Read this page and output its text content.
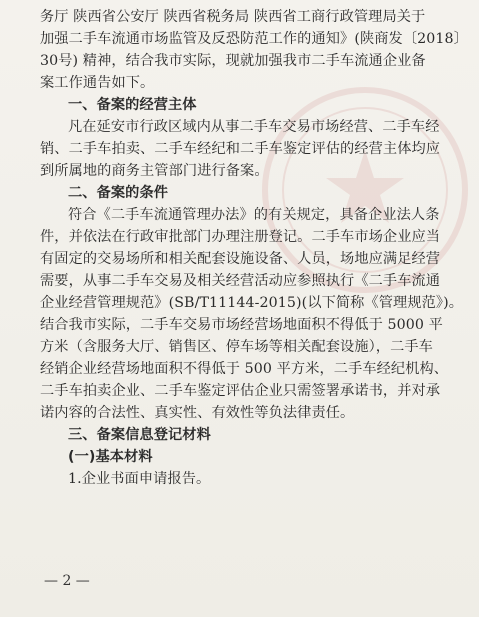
务厅 陕西省公安厅 陕西省税务局 陕西省工商行政管理局关于
加强二手车流通市场监管及反恐防范工作的通知》(陕商发〔2018〕
30号) 精神，结合我市实际，现就加强我市二手车流通企业备
案工作通告如下。
一、备案的经营主体
凡在延安市行政区域内从事二手车交易市场经营、二手车经
销、二手车拍卖、二手车经纪和二手车鉴定评估的经营主体均应
到所属地的商务主管部门进行备案。
二、备案的条件
符合《二手车流通管理办法》的有关规定，具备企业法人条
件，并依法在行政审批部门办理注册登记。二手车市场企业应当
有固定的交易场所和相关配套设施设备、人员，场地应满足经营
需要，从事二手车交易及相关经营活动应参照执行《二手车流通
企业经营管理规范》(SB/T11144-2015)(以下简称《管理规范》)。
结合我市实际，二手车交易市场经营场地面积不得低于 5000 平
方米（含服务大厅、销售区、停车场等相关配套设施），二手车
经销企业经营场地面积不得低于 500 平方米，二手车经纪机构、
二手车拍卖企业、二手车鉴定评估企业只需签署承诺书，并对承
诺内容的合法性、真实性、有效性等负法律责任。
三、备案信息登记材料
(一)基本材料
1.企业书面申请报告。
— 2 —
